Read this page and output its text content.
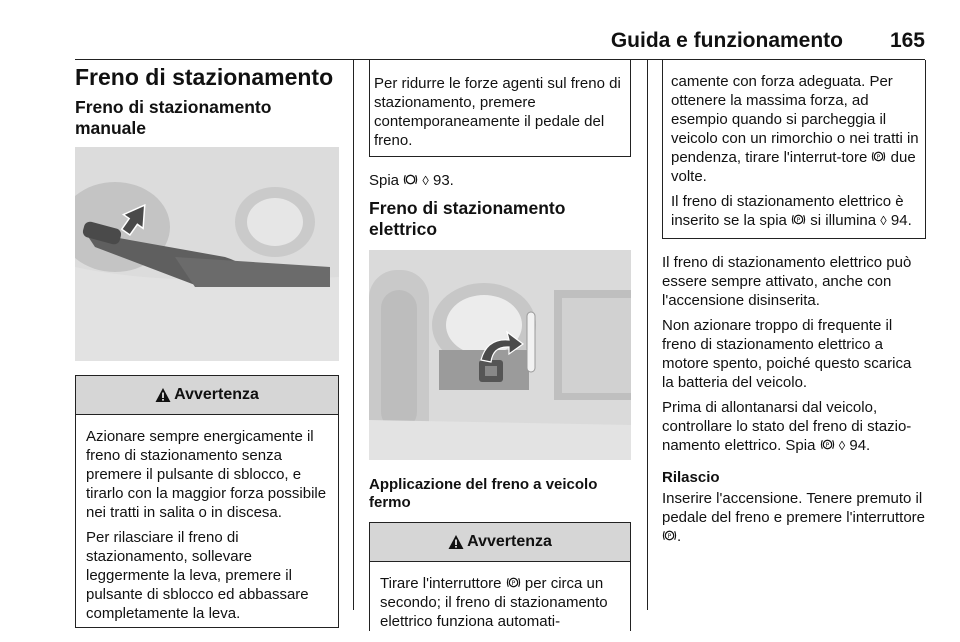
Guida e funzionamento 165
Freno di stazionamento
Freno di stazionamento manuale
Avvertenza

Azionare sempre energicamente il freno di stazionamento senza premere il pulsante di sblocco, e tirarlo con la maggior forza possibile nei tratti in salita o in discesa.

Per rilasciare il freno di stazionamento, sollevare leggermente la leva, premere il pulsante di sblocco ed abbassare completamente la leva.

Per ridurre le forze agenti sul freno di stazionamento, premere contemporaneamente il pedale del freno.

Spia ◊ 93.

Freno di stazionamento elettrico
Applicazione del freno a veicolo fermo
Avvertenza

Tirare l'interruttore P per circa un secondo; il freno di stazionamento elettrico funziona automati-

camente con forza adeguata. Per ottenere la massima forza, ad esempio quando si parcheggia il veicolo con un rimorchio o nei tratti in pendenza, tirare l'interrut-tore P due volte.

Il freno di stazionamento elettrico è inserito se la spia P si illumina ◊ 94.

Il freno di stazionamento elettrico può essere sempre attivato, anche con l'accensione disinserita.

Non azionare troppo di frequente il freno di stazionamento elettrico a motore spento, poiché questo scarica la batteria del veicolo.

Prima di allontanarsi dal veicolo, controllare lo stato del freno di stazio-namento elettrico. Spia P ◊ 94.

Rilascio

Inserire l'accensione. Tenere premuto il pedale del freno e premere l'interruttore
P .
